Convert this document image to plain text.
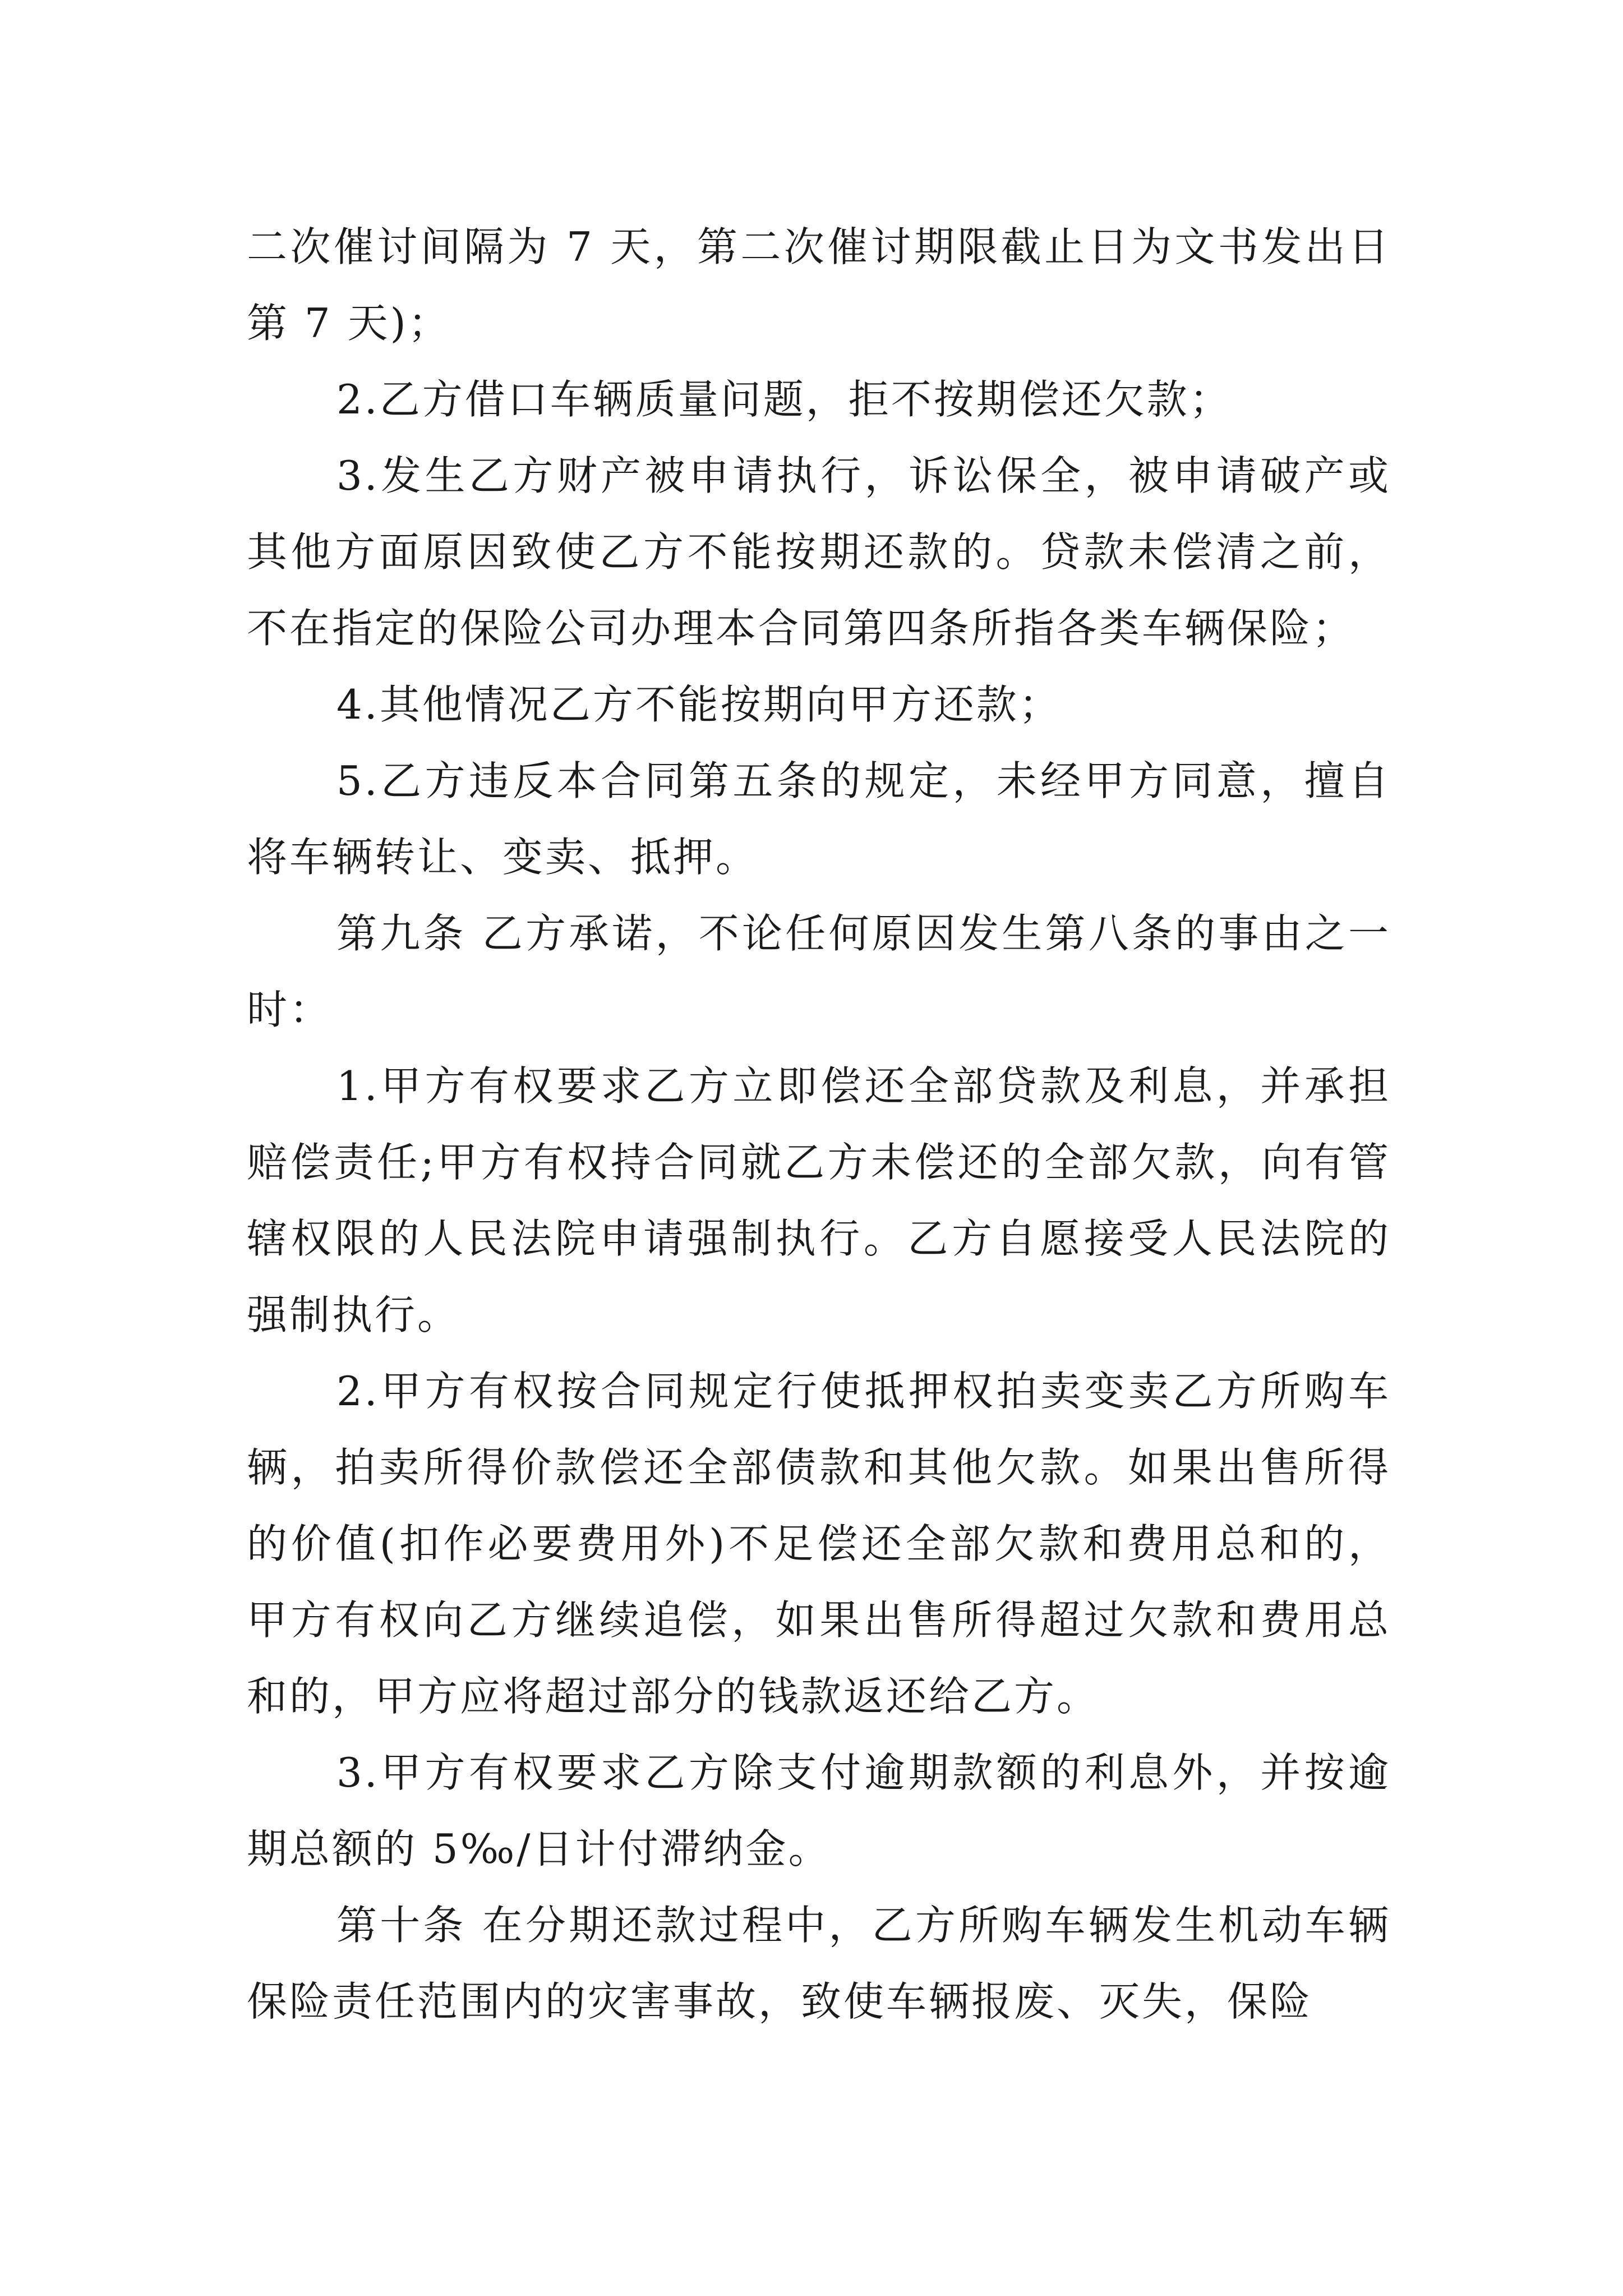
二次催讨间隔为 7 天，第二次催讨期限截止日为文书发出日第 7 天)；

2.乙方借口车辆质量问题，拒不按期偿还欠款；

3.发生乙方财产被申请执行，诉讼保全，被申请破产或其他方面原因致使乙方不能按期还款的。贷款未偿清之前，不在指定的保险公司办理本合同第四条所指各类车辆保险；

4.其他情况乙方不能按期向甲方还款；

5.乙方违反本合同第五条的规定，未经甲方同意，擅自将车辆转让、变卖、抵押。

第九条 乙方承诺，不论任何原因发生第八条的事由之一时：

1.甲方有权要求乙方立即偿还全部贷款及利息，并承担赔偿责任;甲方有权持合同就乙方未偿还的全部欠款，向有管辖权限的人民法院申请强制执行。乙方自愿接受人民法院的强制执行。

2.甲方有权按合同规定行使抵押权拍卖变卖乙方所购车辆，拍卖所得价款偿还全部债款和其他欠款。如果出售所得的价值(扣作必要费用外)不足偿还全部欠款和费用总和的，甲方有权向乙方继续追偿，如果出售所得超过欠款和费用总和的，甲方应将超过部分的钱款返还给乙方。

3.甲方有权要求乙方除支付逾期款额的利息外，并按逾期总额的 5‰/日计付滞纳金。

第十条 在分期还款过程中，乙方所购车辆发生机动车辆保险责任范围内的灾害事故，致使车辆报废、灭失，保险
